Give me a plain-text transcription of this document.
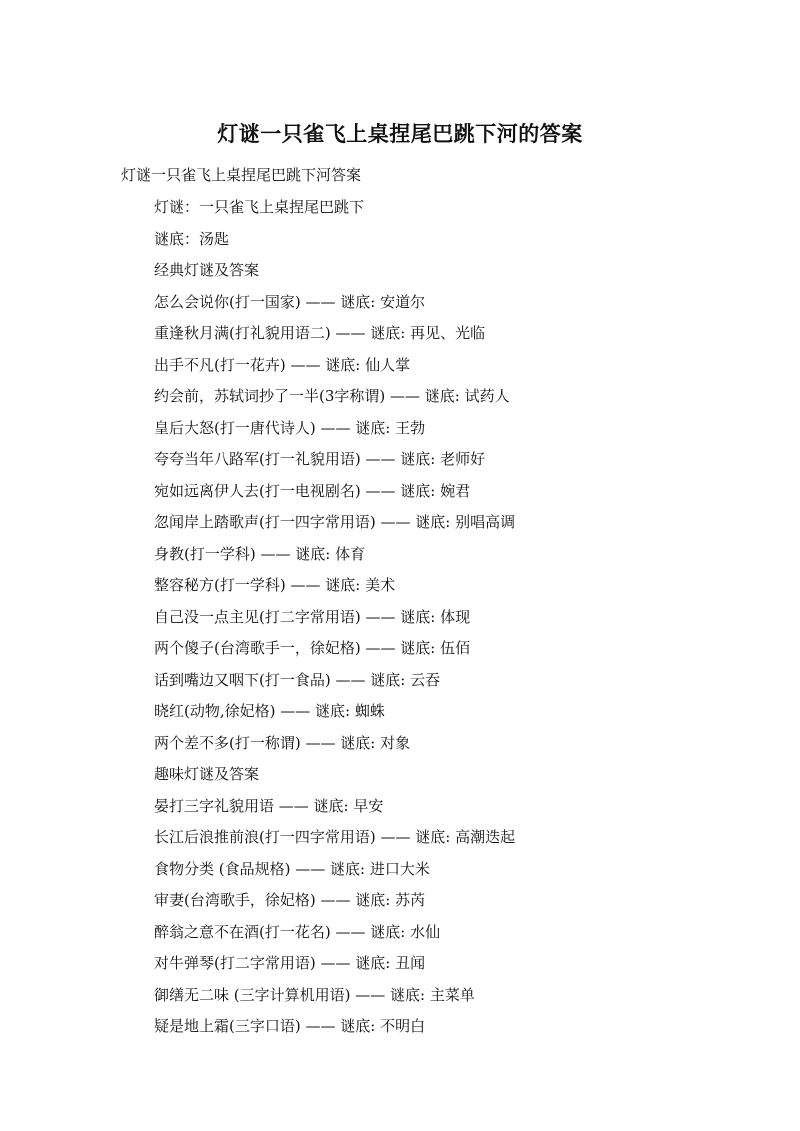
灯谜一只雀飞上桌捏尾巴跳下河的答案
灯谜一只雀飞上桌捏尾巴跳下河答案
灯谜：一只雀飞上桌捏尾巴跳下
谜底：汤匙
经典灯谜及答案
怎么会说你(打一国家) —— 谜底: 安道尔
重逢秋月满(打礼貌用语二) —— 谜底: 再见、光临
出手不凡(打一花卉) —— 谜底: 仙人掌
约会前，苏轼词抄了一半(3字称谓) —— 谜底: 试药人
皇后大怒(打一唐代诗人) —— 谜底: 王勃
夸夸当年八路军(打一礼貌用语) —— 谜底: 老师好
宛如远离伊人去(打一电视剧名) —— 谜底: 婉君
忽闻岸上踏歌声(打一四字常用语) —— 谜底: 别唱高调
身教(打一学科) —— 谜底: 体育
整容秘方(打一学科) —— 谜底: 美术
自己没一点主见(打二字常用语) —— 谜底: 体现
两个傻子(台湾歌手一，徐妃格) —— 谜底: 伍佰
话到嘴边又咽下(打一食品) —— 谜底: 云吞
晓红(动物,徐妃格) —— 谜底: 蜘蛛
两个差不多(打一称谓) —— 谜底: 对象
趣味灯谜及答案
晏打三字礼貌用语 —— 谜底: 早安
长江后浪推前浪(打一四字常用语) —— 谜底: 高潮迭起
食物分类 (食品规格) —— 谜底: 进口大米
审妻(台湾歌手，徐妃格) —— 谜底: 苏芮
醉翁之意不在酒(打一花名) —— 谜底: 水仙
对牛弹琴(打二字常用语) —— 谜底: 丑闻
御缮无二味 (三字计算机用语) —— 谜底: 主菜单
疑是地上霜(三字口语) —— 谜底: 不明白
